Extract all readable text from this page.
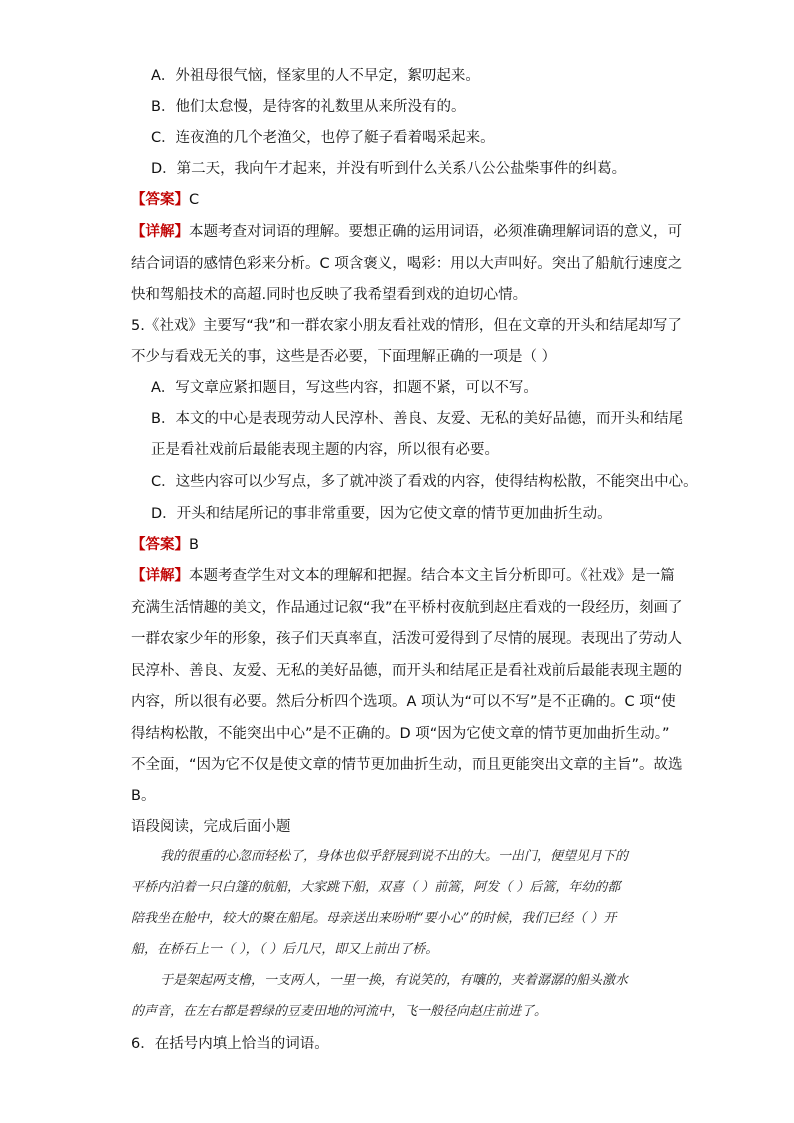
A．外祖母很气恼，怪家里的人不早定，絮叨起来。
B．他们太怠慢，是待客的礼数里从来所没有的。
C．连夜渔的几个老渔父，也停了艇子看着喝采起来。
D．第二天，我向午才起来，并没有听到什么关系八公公盐柴事件的纠葛。
【答案】C
【详解】本题考查对词语的理解。要想正确的运用词语，必须准确理解词语的意义，可
结合词语的感情色彩来分析。C 项含褒义，喝彩：用以大声叫好。突出了船航行速度之
快和驾船技术的高超.同时也反映了我希望看到戏的迫切心情。
5.《社戏》主要写“我”和一群农家小朋友看社戏的情形，但在文章的开头和结尾却写了
不少与看戏无关的事，这些是否必要，下面理解正确的一项是（ ）
A．写文章应紧扣题目，写这些内容，扣题不紧，可以不写。
B．本文的中心是表现劳动人民淳朴、善良、友爱、无私的美好品德，而开头和结尾
正是看社戏前后最能表现主题的内容，所以很有必要。
C．这些内容可以少写点，多了就冲淡了看戏的内容，使得结构松散，不能突出中心。
D．开头和结尾所记的事非常重要，因为它使文章的情节更加曲折生动。
【答案】B
【详解】本题考查学生对文本的理解和把握。结合本文主旨分析即可。《社戏》是一篇
充满生活情趣的美文，作品通过记叙“我”在平桥村夜航到赵庄看戏的一段经历，刻画了
一群农家少年的形象，孩子们天真率直，活泼可爱得到了尽情的展现。表现出了劳动人
民淳朴、善良、友爱、无私的美好品德，而开头和结尾正是看社戏前后最能表现主题的
内容，所以很有必要。然后分析四个选项。A 项认为“可以不写”是不正确的。C 项“使
得结构松散，不能突出中心”是不正确的。D 项“因为它使文章的情节更加曲折生动。”
不全面，“因为它不仅是使文章的情节更加曲折生动，而且更能突出文章的主旨”。故选
B。
语段阅读，完成后面小题
我的很重的心忽而轻松了，身体也似乎舒展到说不出的大。一出门，便望见月下的
平桥内泊着一只白篷的航船，大家跳下船，双喜（ ）前篙，阿发（ ）后篙，年幼的都
陪我坐在舱中，较大的聚在船尾。母亲送出来吩咐“要小心”的时候，我们已经（ ）开
船，在桥石上一（ ），（ ）后几尺，即又上前出了桥。
于是架起两支橹，一支两人，一里一换，有说笑的，有嚷的，夹着潺潺的船头激水
的声音，在左右都是碧绿的豆麦田地的河流中，飞一般径向赵庄前进了。
6．在括号内填上恰当的词语。
